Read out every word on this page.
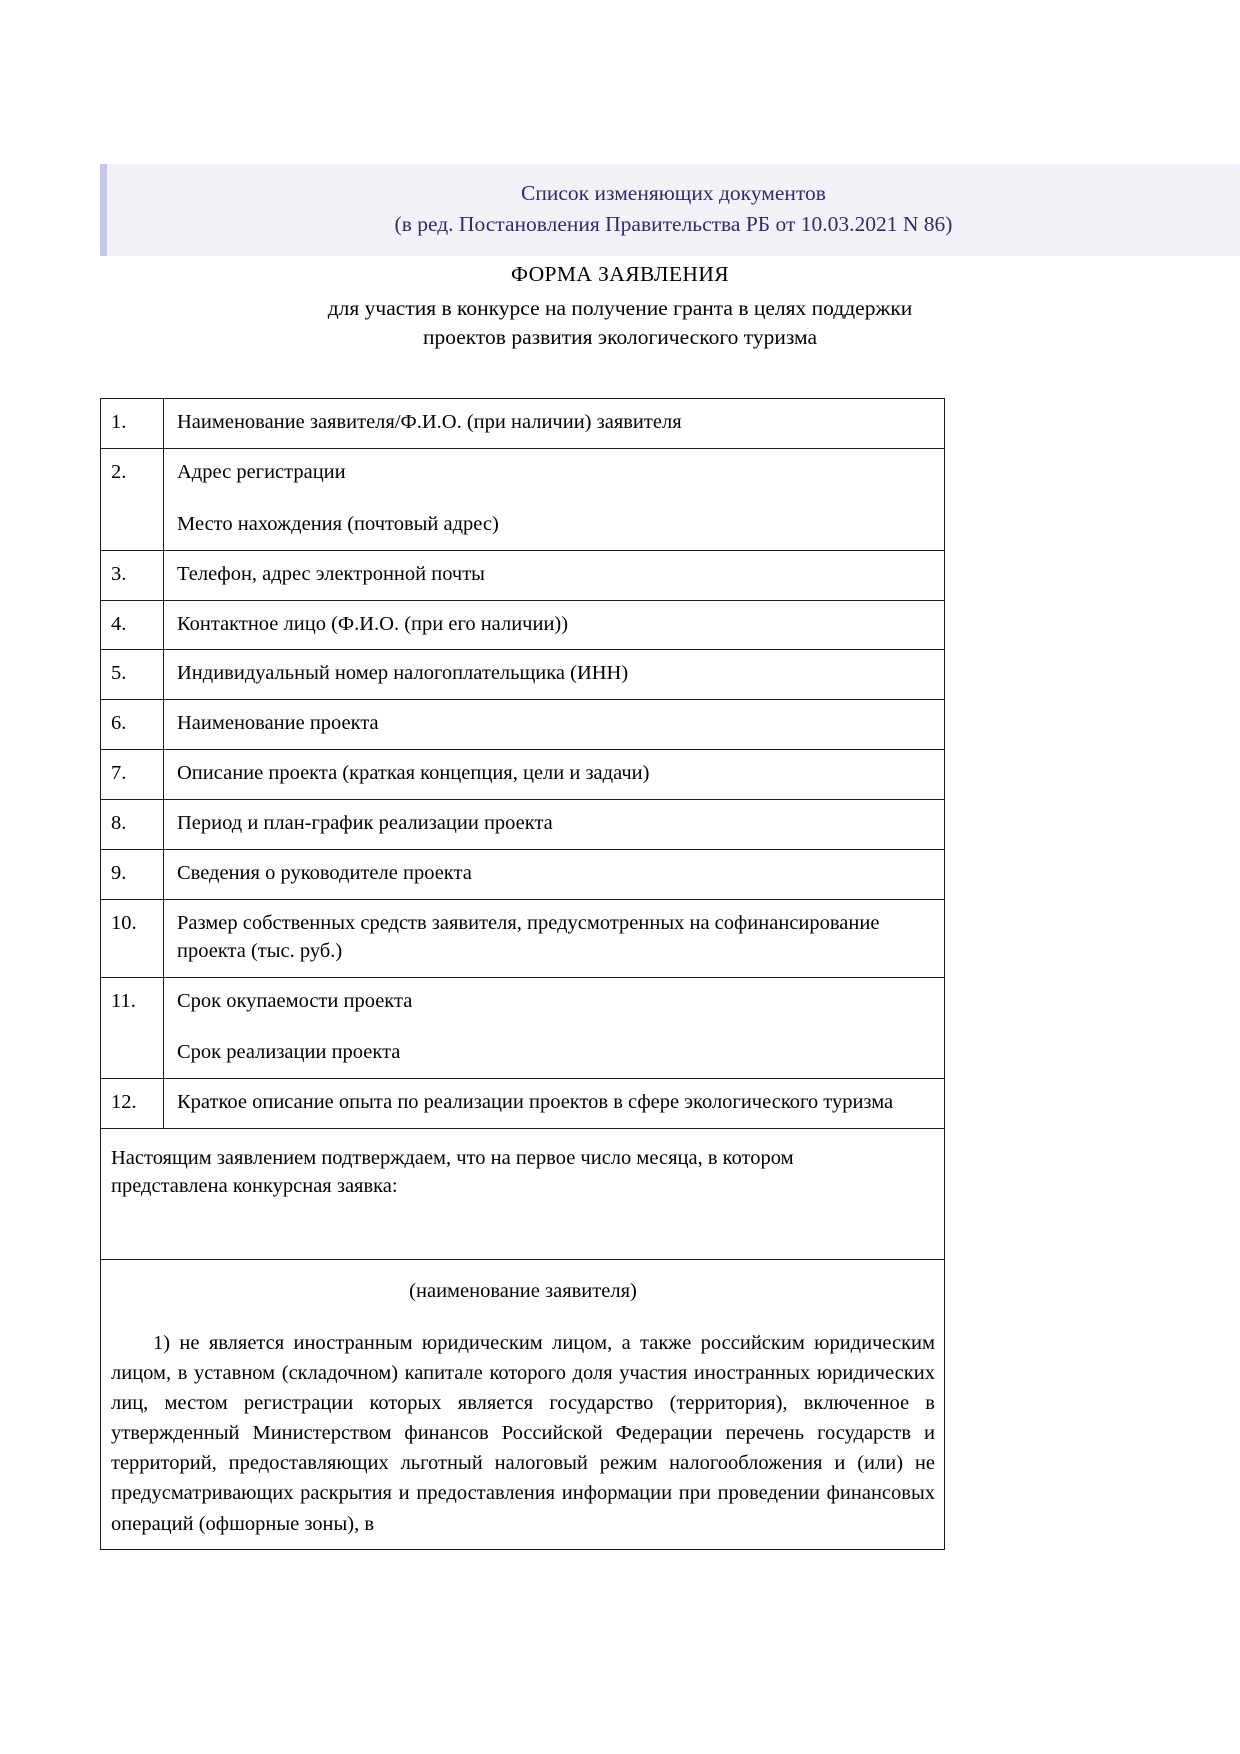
Список изменяющих документов
(в ред. Постановления Правительства РБ от 10.03.2021 N 86)
ФОРМА ЗАЯВЛЕНИЯ
для участия в конкурсе на получение гранта в целях поддержки
проектов развития экологического туризма
1.	Наименование заявителя/Ф.И.О. (при наличии) заявителя
2.	Адрес регистрации
Место нахождения (почтовый адрес)

3.	Телефон, адрес электронной почты
4.	Контактное лицо (Ф.И.О. (при его наличии))
5.	Индивидуальный номер налогоплательщика (ИНН)
6.	Наименование проекта
7.	Описание проекта (краткая концепция, цели и задачи)
8.	Период и план-график реализации проекта
9.	Сведения о руководителе проекта
10.	Размер собственных средств заявителя, предусмотренных на софинансирование проекта (тыс. руб.)
11.	Срок окупаемости проекта
Срок реализации проекта

12.	Краткое описание опыта по реализации проектов в сфере экологического туризма

Настоящим заявлением подтверждаем, что на первое число месяца, в котором
представлена конкурсная заявка:	

(наименование заявителя)
1) не является иностранным юридическим лицом, а также российским юридическим лицом, в уставном (складочном) капитале которого доля участия иностранных юридических лиц, местом регистрации которых является государство (территория), включенное в утвержденный Министерством финансов Российской Федерации перечень государств и территорий, предоставляющих льготный налоговый режим налогообложения и (или) не предусматривающих раскрытия и предоставления информации при проведении финансовых операций (офшорные зоны), в	
